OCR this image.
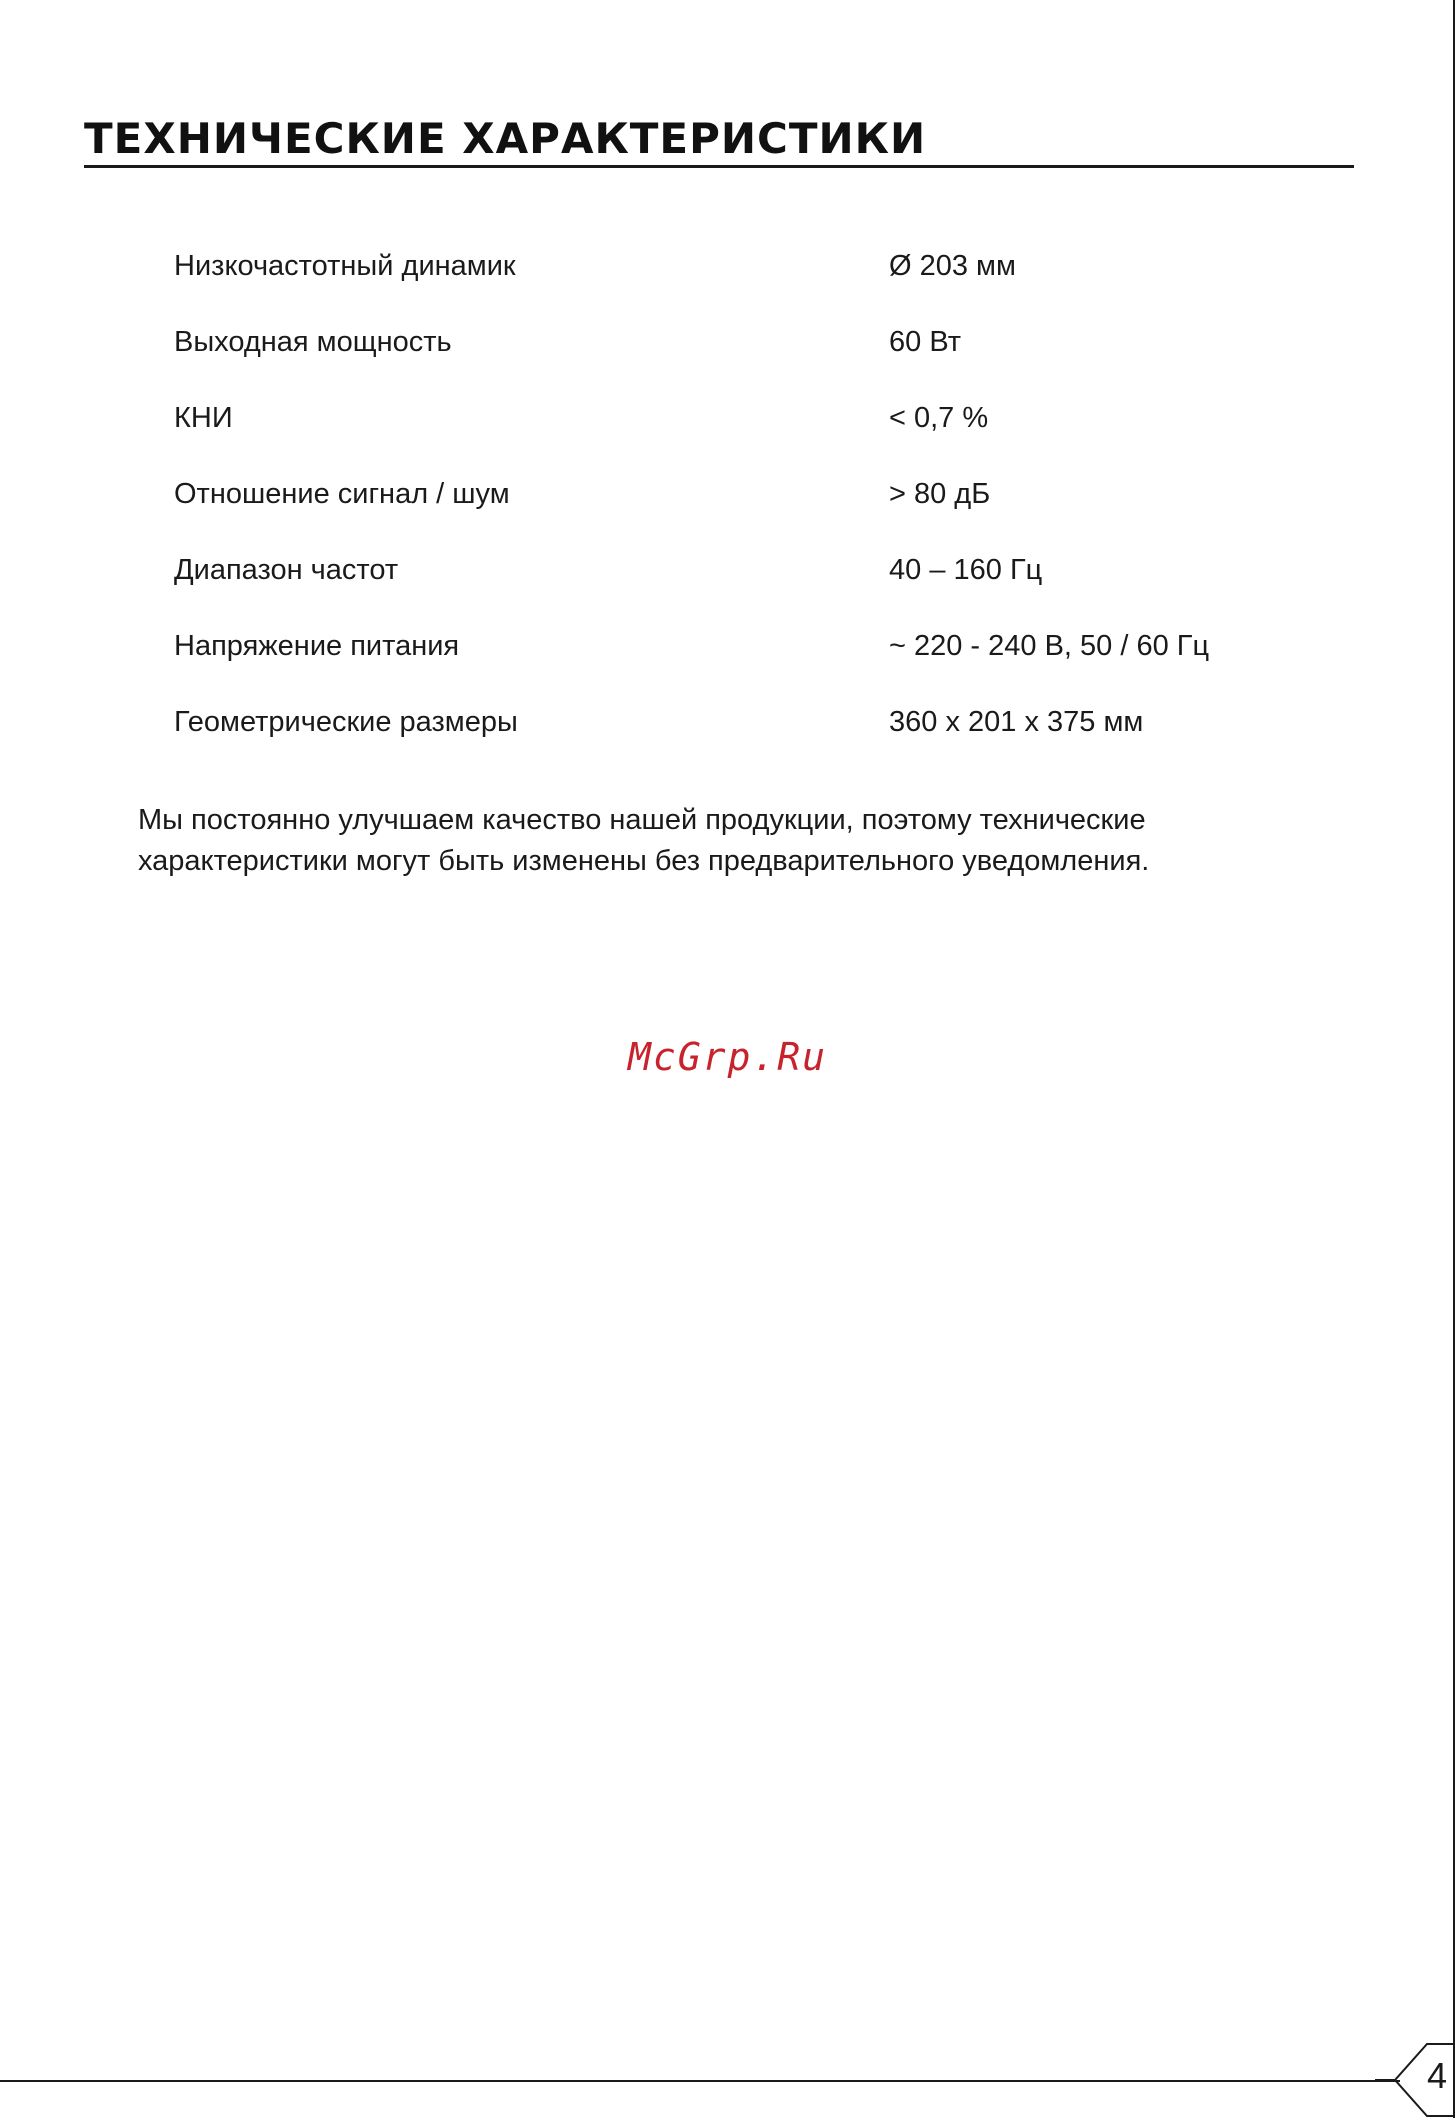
4
ТЕХНИЧЕСКИЕ ХАРАКТЕРИСТИКИ
Низкочастотный динамик	Ø 203 мм
Выходная мощность	60 Вт
КНИ	< 0,7 %
Отношение сигнал / шум	> 80 дБ
Диапазон частот	40 – 160 Гц
Напряжение питания	~ 220 - 240 В, 50 / 60 Гц
Геометрические размеры	360 х 201 х 375 мм

Мы постоянно улучшаем качество нашей продукции, поэтому технические
характеристики могут быть изменены без предварительного уведомления.

McGrp.Ru
